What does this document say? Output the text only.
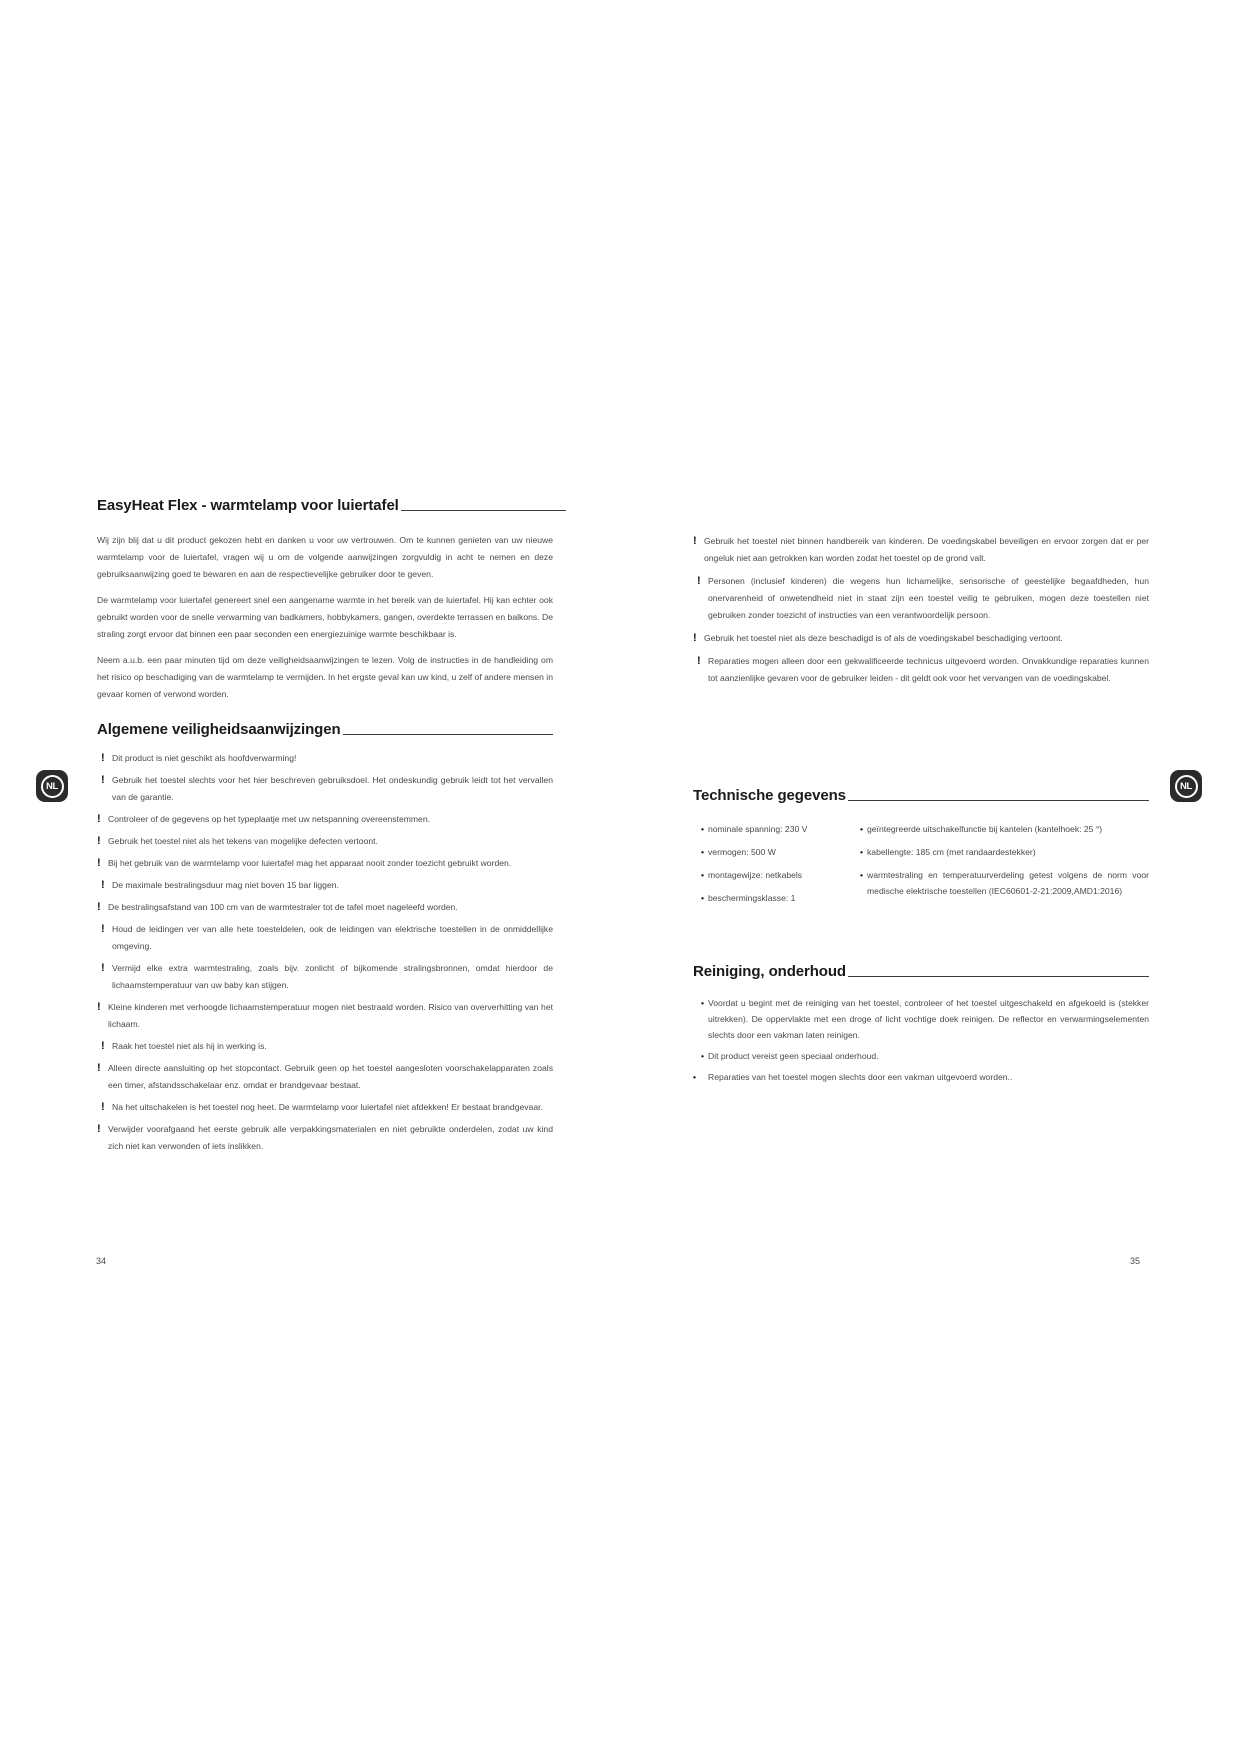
EasyHeat Flex - warmtelamp voor luiertafel

Wij zijn blij dat u dit product gekozen hebt en danken u voor uw vertrouwen. Om te kunnen genieten van uw nieuwe warmtelamp voor de luiertafel, vragen wij u om de volgende aanwijzingen zorgvuldig in acht te nemen en deze gebruiksaanwijzing goed te bewaren en aan de respectievelijke gebruiker door te geven.

De warmtelamp voor luiertafel genereert snel een aangename warmte in het bereik van de luiertafel. Hij kan echter ook gebruikt worden voor de snelle verwarming van badkamers, hobbykamers, gangen, overdekte terrassen en balkons. De straling zorgt ervoor dat binnen een paar seconden een energiezuinige warmte beschikbaar is.

Neem a.u.b. een paar minuten tijd om deze veiligheidsaanwijzingen te lezen. Volg de instructies in de handleiding om het risico op beschadiging van de warmtelamp te vermijden. In het ergste geval kan uw kind, u zelf of andere mensen in gevaar komen of verwond worden.

Algemene veiligheidsaanwijzingen
! Dit product is niet geschikt als hoofdverwarming!
! Gebruik het toestel slechts voor het hier beschreven gebruiksdoel. Het ondeskundig gebruik leidt tot het vervallen van de garantie.
! Controleer of de gegevens op het typeplaatje met uw netspanning overeenstemmen.
! Gebruik het toestel niet als het tekens van mogelijke defecten vertoont.
! Bij het gebruik van de warmtelamp voor luiertafel mag het apparaat nooit zonder toezicht gebruikt worden.
! De maximale bestralingsduur mag niet boven 15 bar liggen.
! De bestralingsafstand van 100 cm van de warmtestraler tot de tafel moet nageleefd worden.
! Houd de leidingen ver van alle hete toesteldelen, ook de leidingen van elektrische toestellen in de onmiddellijke omgeving.
! Vermijd elke extra warmtestraling, zoals bijv. zonlicht of bijkomende stralingsbronnen, omdat hierdoor de lichaamstemperatuur van uw baby kan stijgen.
! Kleine kinderen met verhoogde lichaamstemperatuur mogen niet bestraald worden. Risico van oververhitting van het lichaam.
! Raak het toestel niet als hij in werking is.
! Alleen directe aansluiting op het stopcontact. Gebruik geen op het toestel aangesloten voorschakelapparaten zoals een timer, afstandsschakelaar enz. omdat er brandgevaar bestaat.
! Na het uitschakelen is het toestel nog heet. De warmtelamp voor luiertafel niet afdekken! Er bestaat brandgevaar.
! Verwijder voorafgaand het eerste gebruik alle verpakkingsmaterialen en niet gebruikte onderdelen, zodat uw kind zich niet kan verwonden of iets inslikken.
! Gebruik het toestel niet binnen handbereik van kinderen. De voedingskabel beveiligen en ervoor zorgen dat er per ongeluk niet aan getrokken kan worden zodat het toestel op de grond valt.
! Personen (inclusief kinderen) die wegens hun lichamelijke, sensorische of geestelijke begaafdheden, hun onervarenheid of onwetendheid niet in staat zijn een toestel veilig te gebruiken, mogen deze toestellen niet gebruiken zonder toezicht of instructies van een verantwoordelijk persoon.
! Gebruik het toestel niet als deze beschadigd is of als de voedingskabel beschadiging vertoont.
! Reparaties mogen alleen door een gekwalificeerde technicus uitgevoerd worden. Onvakkundige reparaties kunnen tot aanzienlijke gevaren voor de gebruiker leiden - dit geldt ook voor het vervangen van de voedingskabel.
Technische gegevens
• nominale spanning: 230 V
• vermogen: 500 W
• montagewijze: netkabels
• beschermingsklasse: 1
• geïntegreerde uitschakelfunctie bij kantelen (kantelhoek: 25 °)
• kabellengte: 185 cm (met randaardestekker)
• warmtestraling en temperatuurverdeling getest volgens de norm voor medische elektrische toestellen (IEC60601-2-21:2009,AMD1:2016)
Reiniging, onderhoud
• Voordat u begint met de reiniging van het toestel, controleer of het toestel uitgeschakeld en afgekoeld is (stekker uitrekken). De oppervlakte met een droge of licht vochtige doek reinigen. De reflector en verwarmingselementen slechts door een vakman laten reinigen.
• Dit product vereist geen speciaal onderhoud.
•	Reparaties van het toestel mogen slechts door een vakman uitgevoerd worden..
NL	NL
34	35
